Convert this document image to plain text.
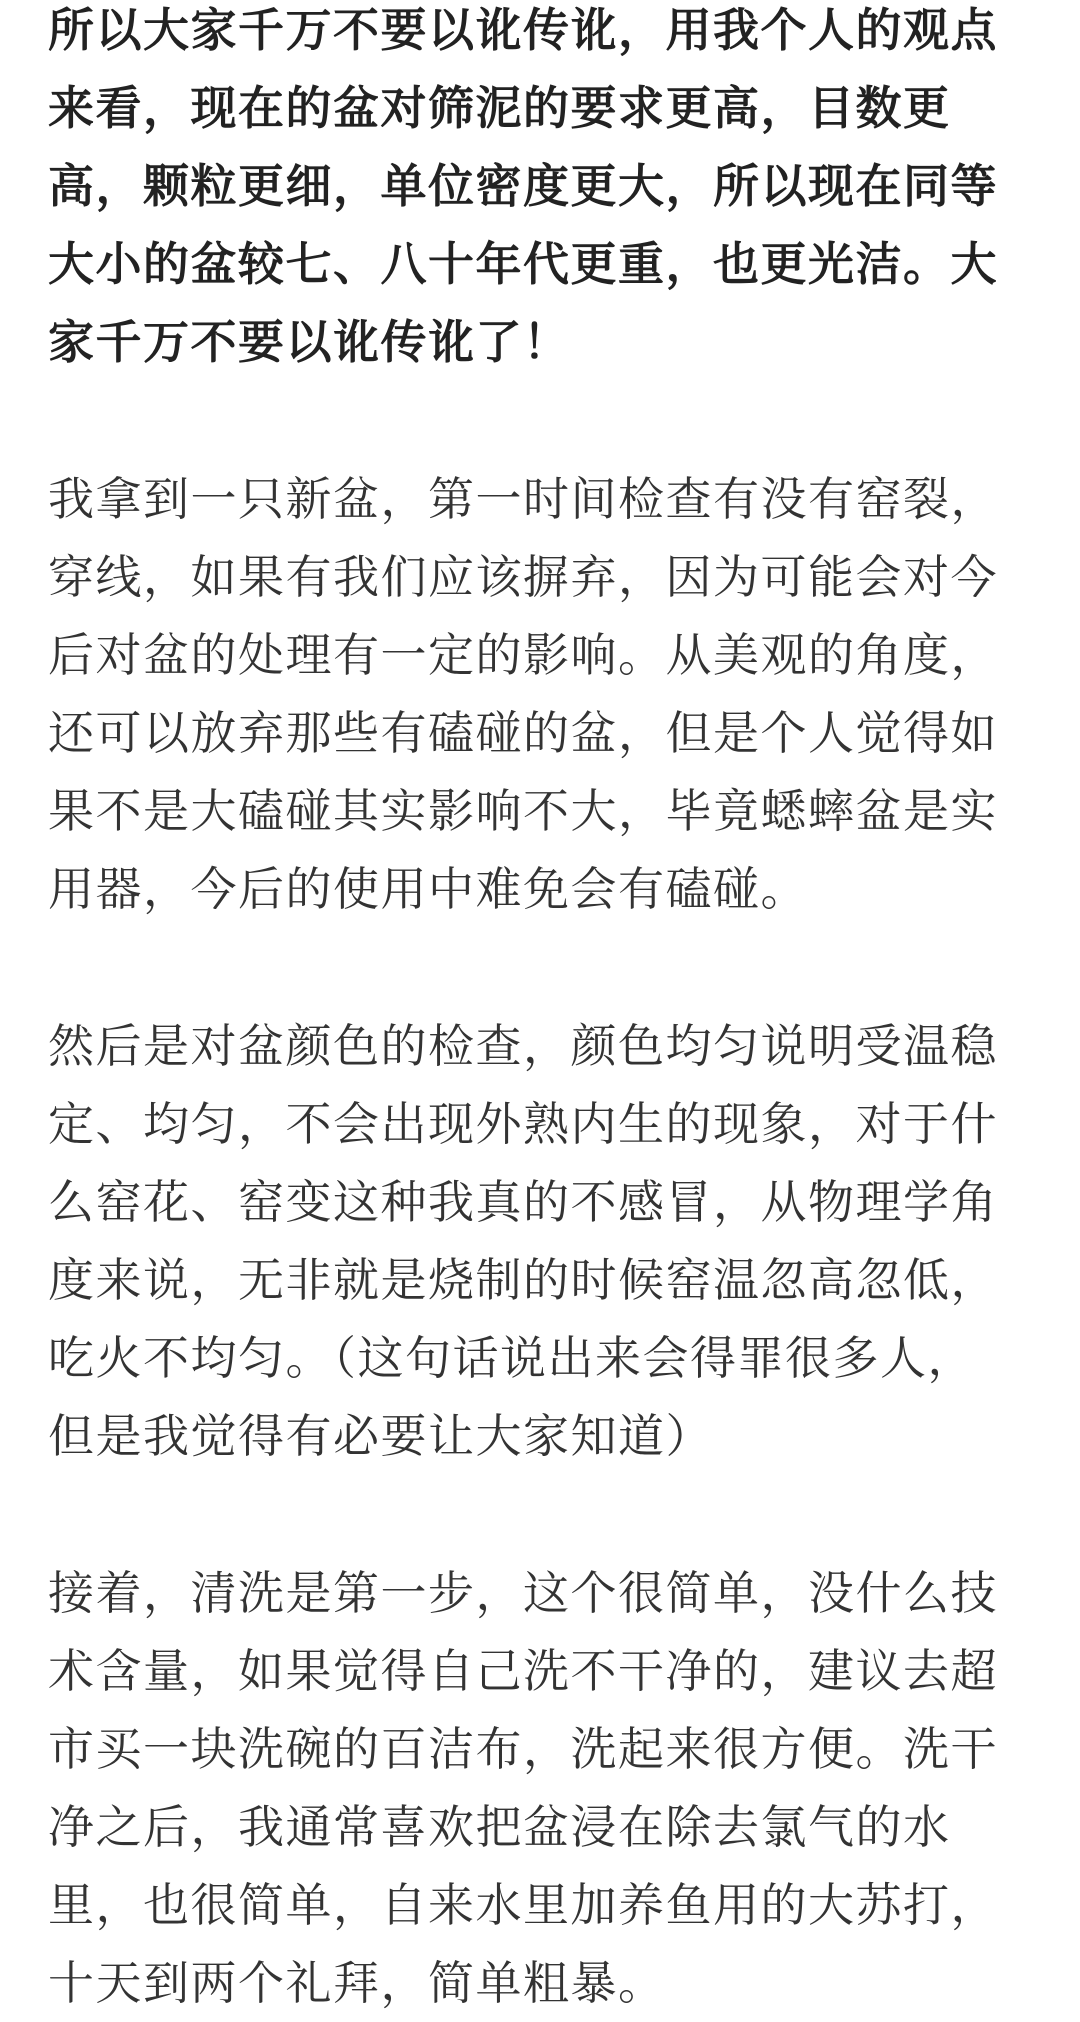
所以大家千万不要以讹传讹，用我个人的观点
来看，现在的盆对筛泥的要求更高，目数更
高，颗粒更细，单位密度更大，所以现在同等
大小的盆较七、八十年代更重，也更光洁。大
家千万不要以讹传讹了！
我拿到一只新盆，第一时间检查有没有窑裂，
穿线，如果有我们应该摒弃，因为可能会对今
后对盆的处理有一定的影响。从美观的角度，
还可以放弃那些有磕碰的盆，但是个人觉得如
果不是大磕碰其实影响不大，毕竟蟋蟀盆是实
用器，今后的使用中难免会有磕碰。
然后是对盆颜色的检查，颜色均匀说明受温稳
定、均匀，不会出现外熟内生的现象，对于什
么窑花、窑变这种我真的不感冒，从物理学角
度来说，无非就是烧制的时候窑温忽高忽低，
吃火不均匀。（这句话说出来会得罪很多人，
但是我觉得有必要让大家知道）
接着，清洗是第一步，这个很简单，没什么技
术含量，如果觉得自己洗不干净的，建议去超
市买一块洗碗的百洁布，洗起来很方便。洗干
净之后，我通常喜欢把盆浸在除去氯气的水
里，也很简单，自来水里加养鱼用的大苏打，
十天到两个礼拜，简单粗暴。
